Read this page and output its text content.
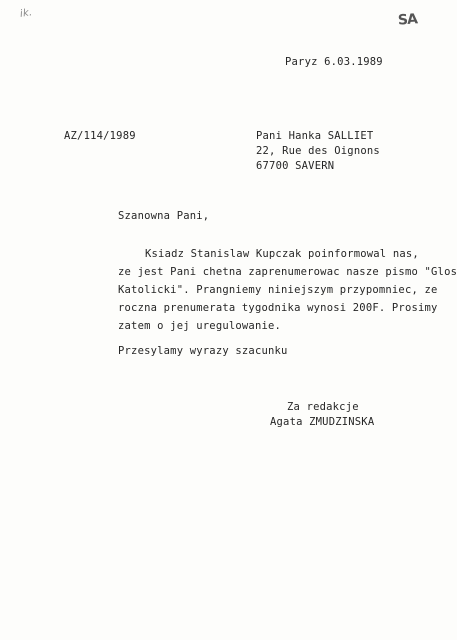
ik.	SA
Paryz 6.03.1989
AZ/114/1989	Pani Hanka SALLIET
22, Rue des Oignons
67700 SAVERN
Szanowna Pani,
Ksiadz Stanislaw Kupczak poinformowal nas,
ze jest Pani chetna zaprenumerowac nasze pismo "Glos
Katolicki". Prangniemy niniejszym przypomniec, ze
roczna prenumerata tygodnika wynosi 200F. Prosimy
zatem o jej uregulowanie.
Przesylamy wyrazy szacunku
Za redakcje
Agata ZMUDZINSKA
